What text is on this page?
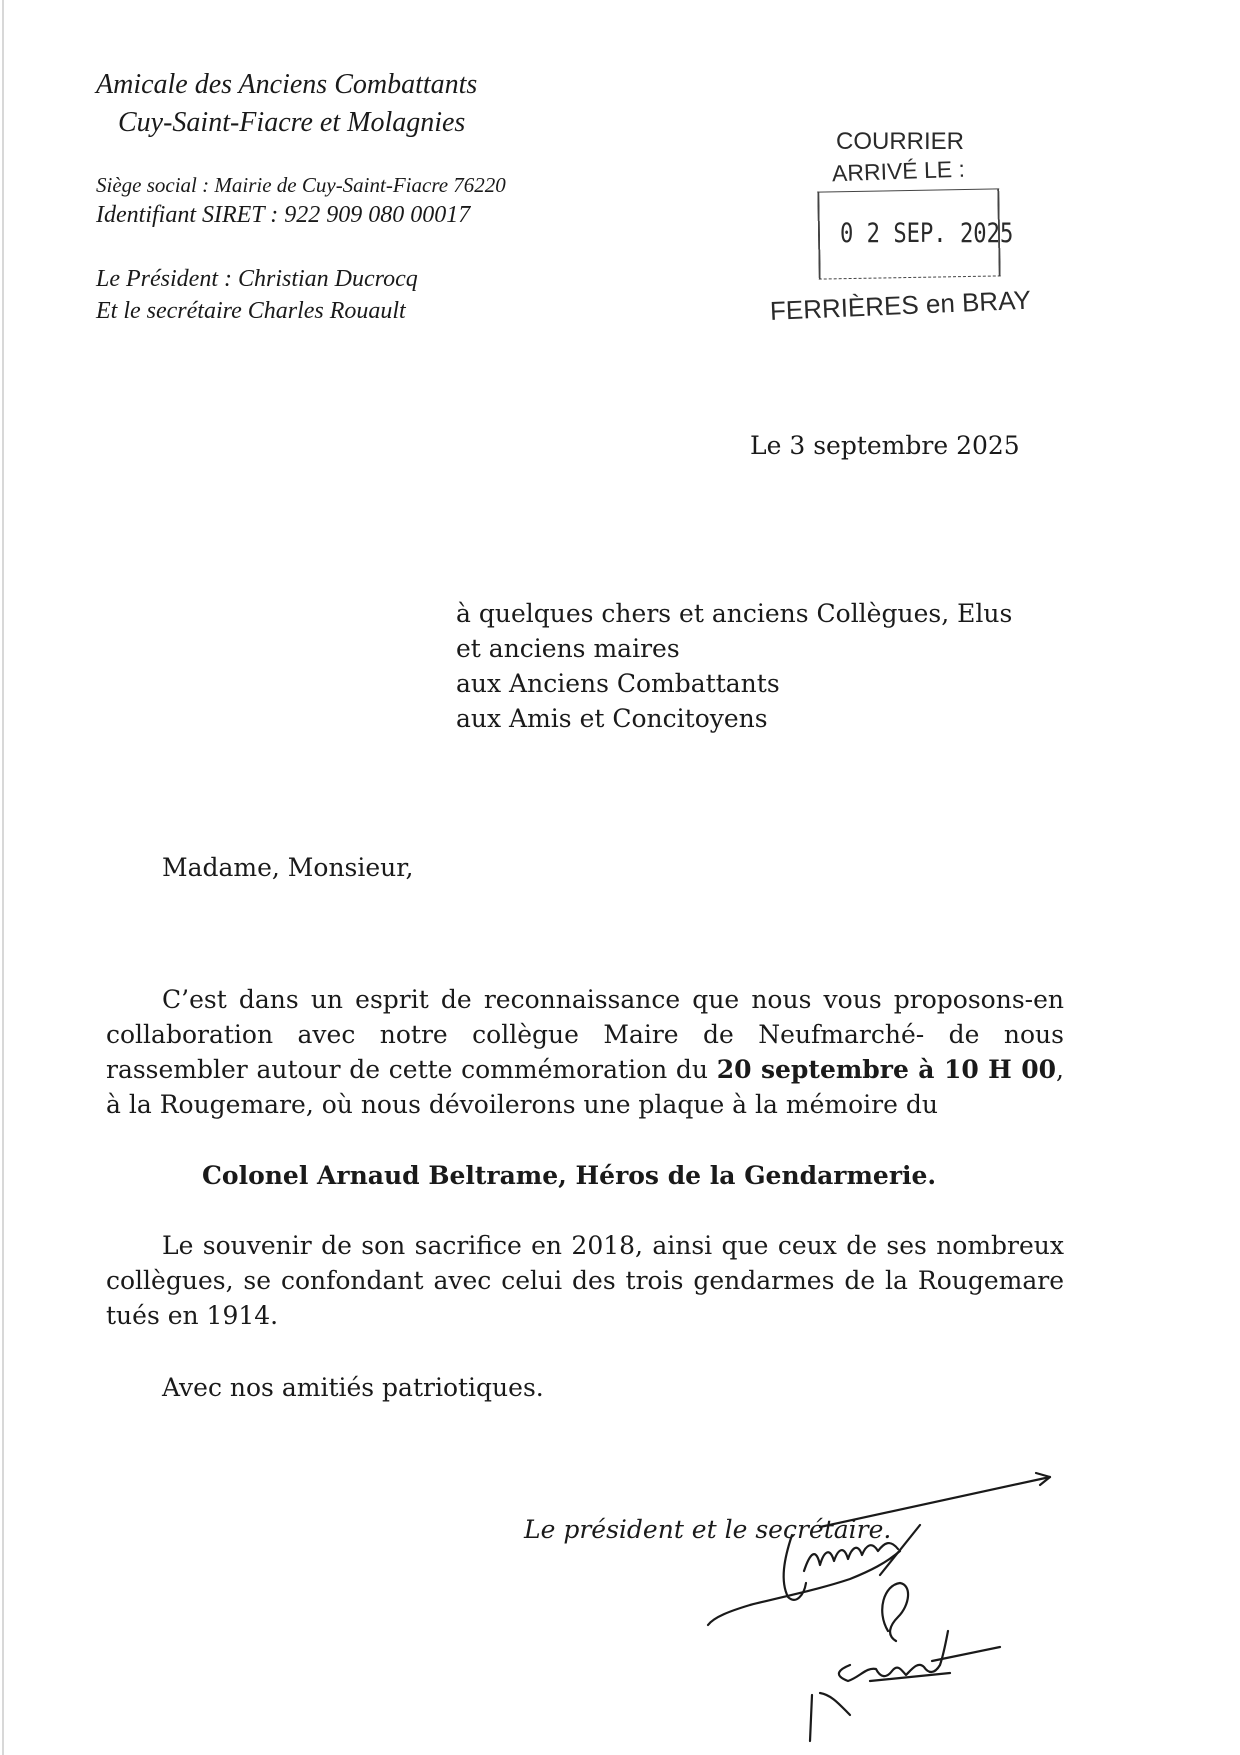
Amicale des Anciens Combattants
Cuy-Saint-Fiacre et Molagnies
Siège social : Mairie de Cuy-Saint-Fiacre 76220
Identifiant SIRET : 922 909 080 00017
Le Président : Christian Ducrocq
Et le secrétaire Charles Rouault
COURRIER
ARRIVÉ LE :
0 2 SEP. 2025
FERRIÈRES en BRAY
Le 3 septembre 2025
à quelques chers et anciens Collègues, Elus
et anciens maires
aux Anciens Combattants
aux Amis et Concitoyens
Madame, Monsieur,
C’est dans un esprit de reconnaissance que nous vous proposons-en collaboration avec notre collègue Maire de Neufmarché- de nous rassembler autour de cette commémoration du 20 septembre à 10 H 00, à la Rougemare, où nous dévoilerons une plaque à la mémoire du
Colonel Arnaud Beltrame, Héros de la Gendarmerie.
Le souvenir de son sacrifice en 2018, ainsi que ceux de ses nombreux collègues, se confondant avec celui des trois gendarmes de la Rougemare tués en 1914.
Avec nos amitiés patriotiques.
Le président et le secrétaire.
